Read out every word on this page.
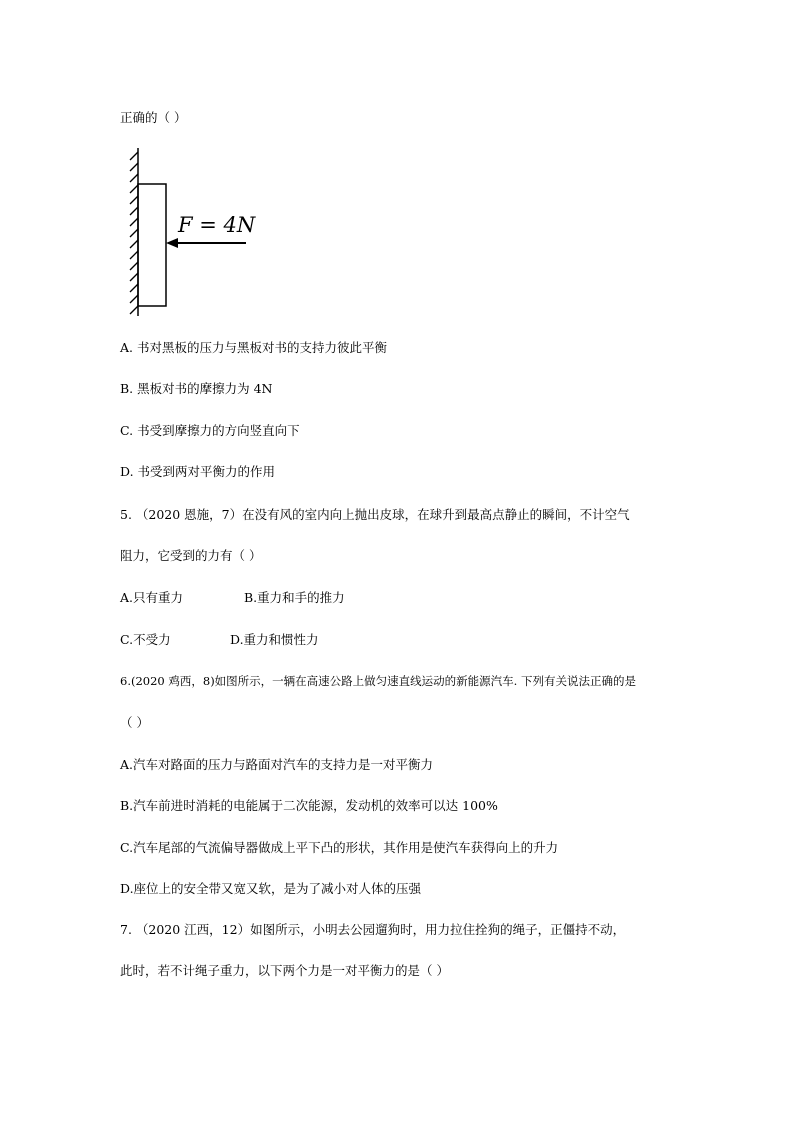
正确的（ ）
F = 4N
A. 书对黑板的压力与黑板对书的支持力彼此平衡
B. 黑板对书的摩擦力为 4N
C. 书受到摩擦力的方向竖直向下
D. 书受到两对平衡力的作用
5. （2020 恩施，7）在没有风的室内向上抛出皮球，在球升到最高点静止的瞬间，不计空气
阻力，它受到的力有（ ）
A.只有重力	B.重力和手的推力
C.不受力	D.重力和惯性力
6.(2020 鸡西，8)如图所示，一辆在高速公路上做匀速直线运动的新能源汽车. 下列有关说法正确的是
（ ）
A.汽车对路面的压力与路面对汽车的支持力是一对平衡力
B.汽车前进时消耗的电能属于二次能源，发动机的效率可以达 100%
C.汽车尾部的气流偏导器做成上平下凸的形状，其作用是使汽车获得向上的升力
D.座位上的安全带又宽又软，是为了减小对人体的压强
7. （2020 江西，12）如图所示，小明去公园遛狗时，用力拉住拴狗的绳子，正僵持不动，
此时，若不计绳子重力，以下两个力是一对平衡力的是（ ）
